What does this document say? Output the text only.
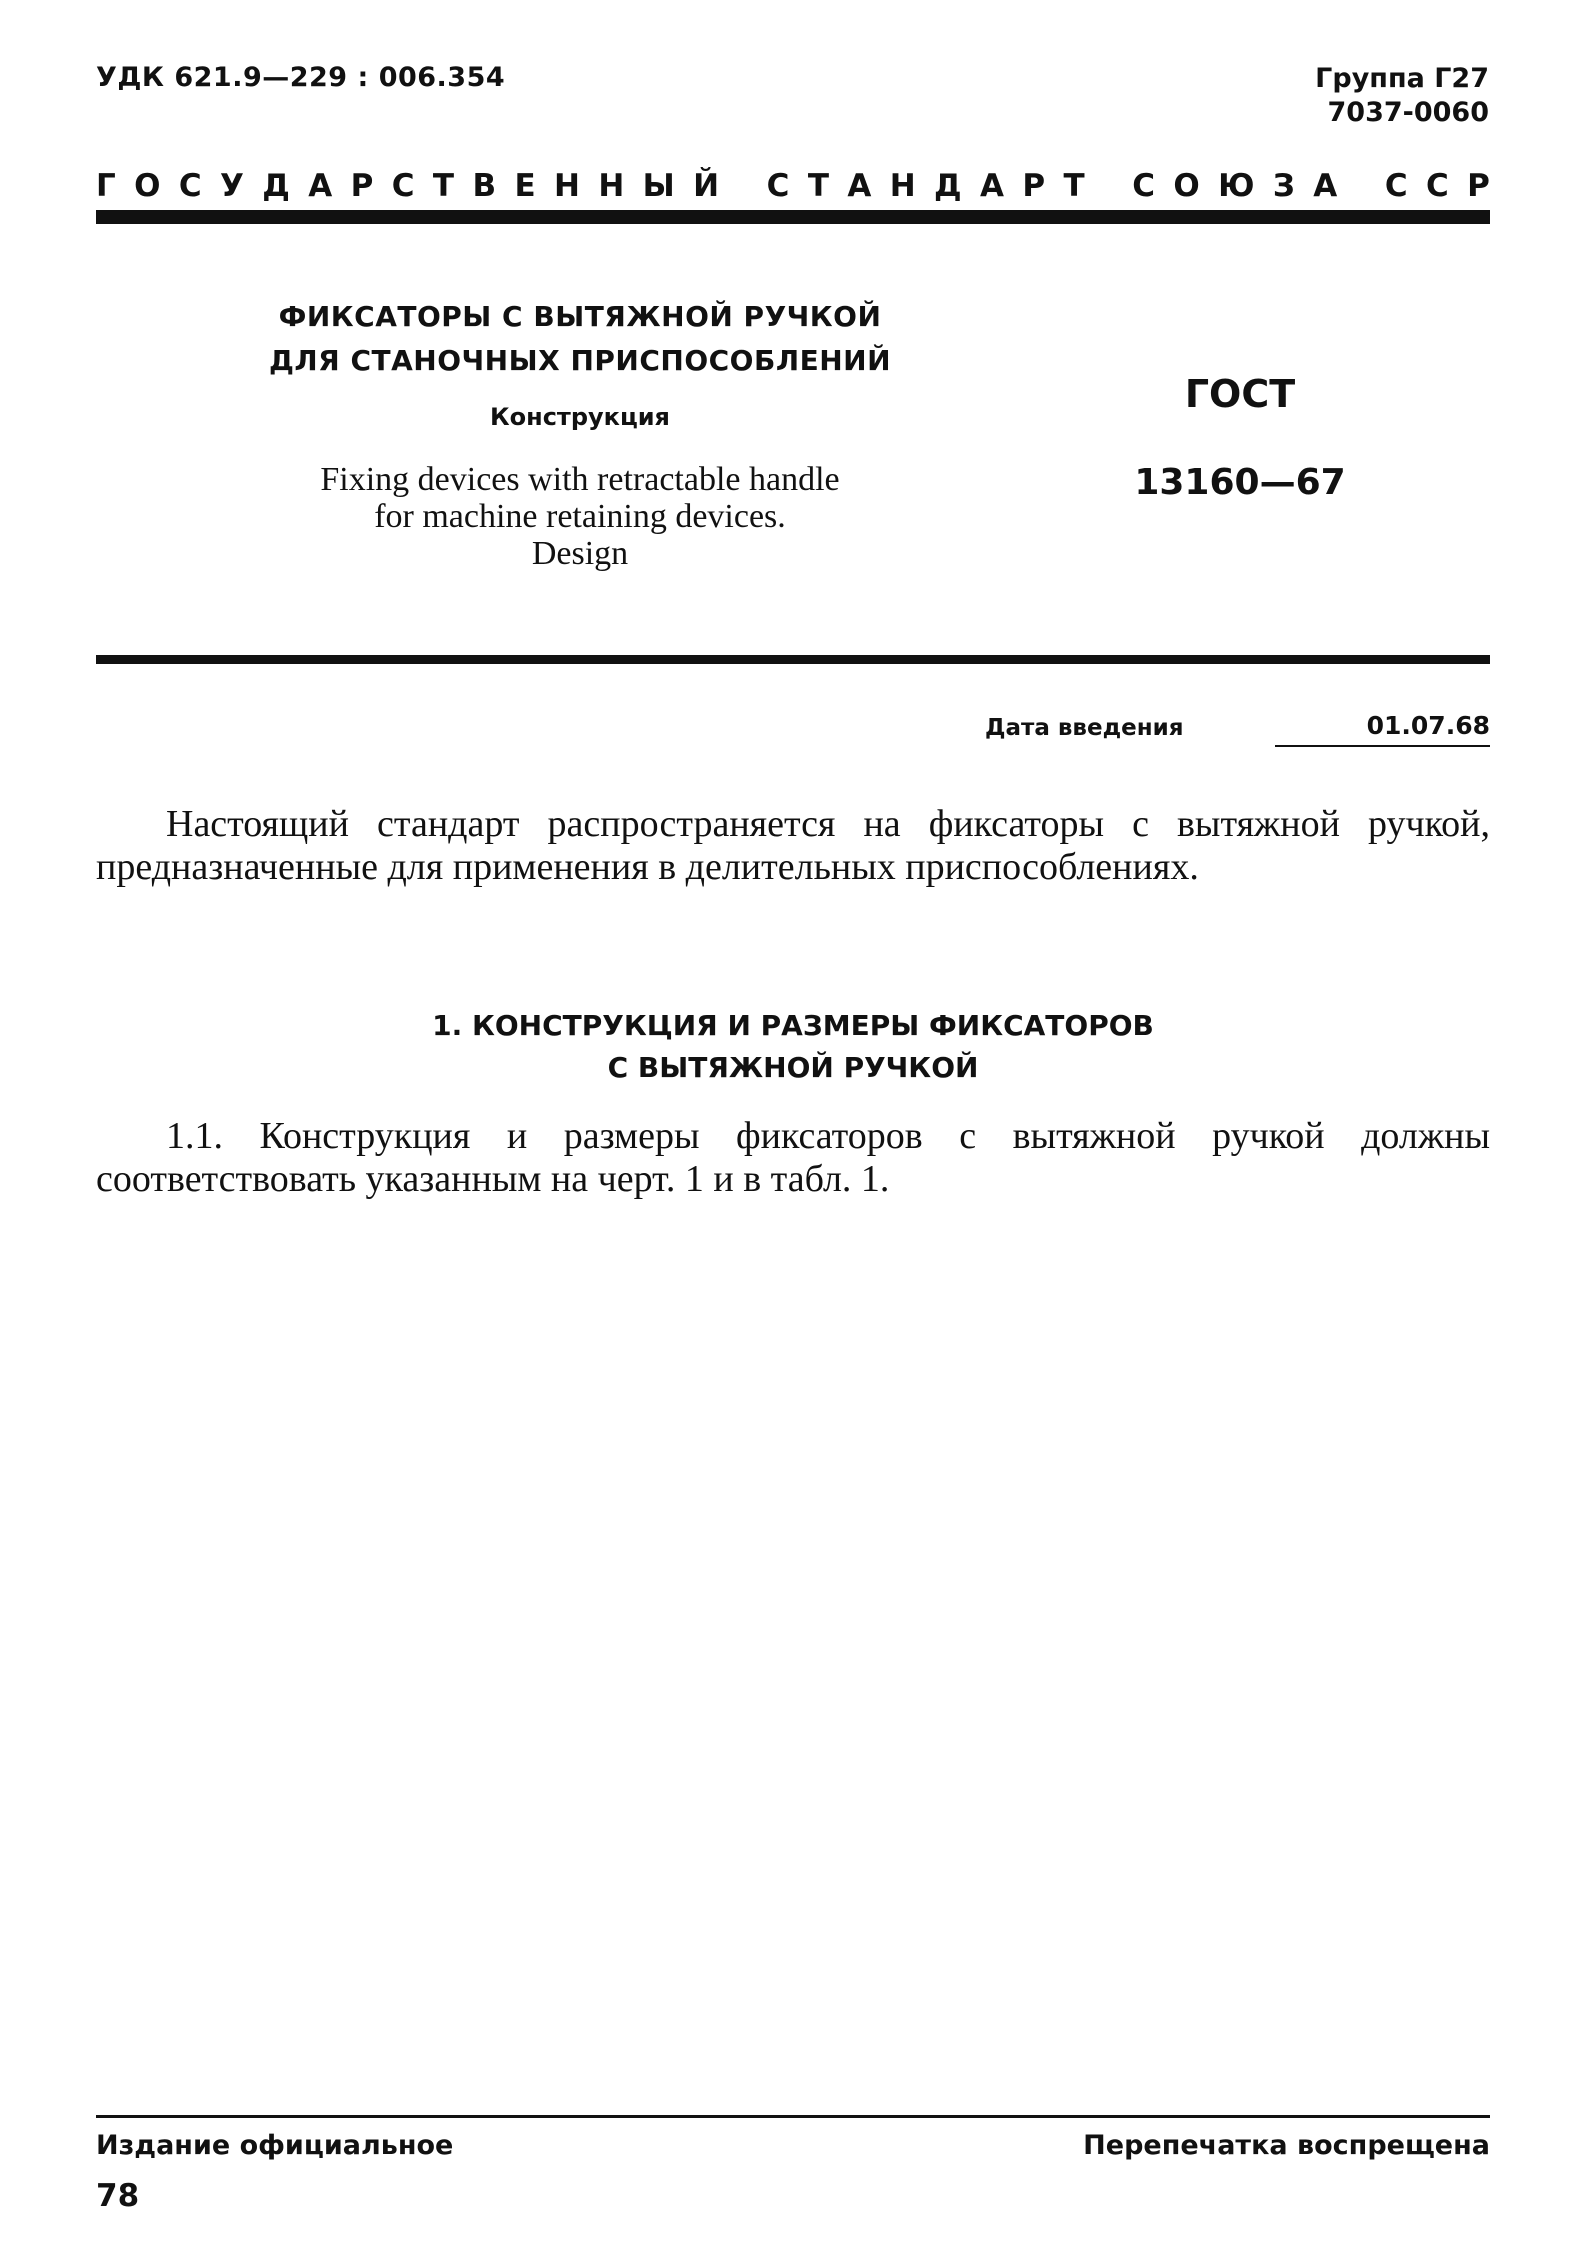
УДК 621.9—229 : 006.354	Группа Г27
7037-0060
Г О С У Д А Р С Т В Е Н Н Ы Й
С Т А Н Д А Р Т
С О Ю З А
С С Р
ФИКСАТОРЫ С ВЫТЯЖНОЙ РУЧКОЙ
ДЛЯ СТАНОЧНЫХ ПРИСПОСОБЛЕНИЙ
Конструкция
Fixing devices with retractable handle
for machine retaining devices.
Design
ГОСТ
13160—67
Дата введения	01.07.68
Настоящий стандарт распространяется на фиксаторы с вытяжной ручкой, предназначенные для применения в делительных приспособлениях.
1. КОНСТРУКЦИЯ И РАЗМЕРЫ ФИКСАТОРОВ
С ВЫТЯЖНОЙ РУЧКОЙ
1.1. Конструкция и размеры фиксаторов с вытяжной ручкой должны соответствовать указанным на черт. 1 и в табл. 1.
Издание официальное	Перепечатка воспрещена
78
